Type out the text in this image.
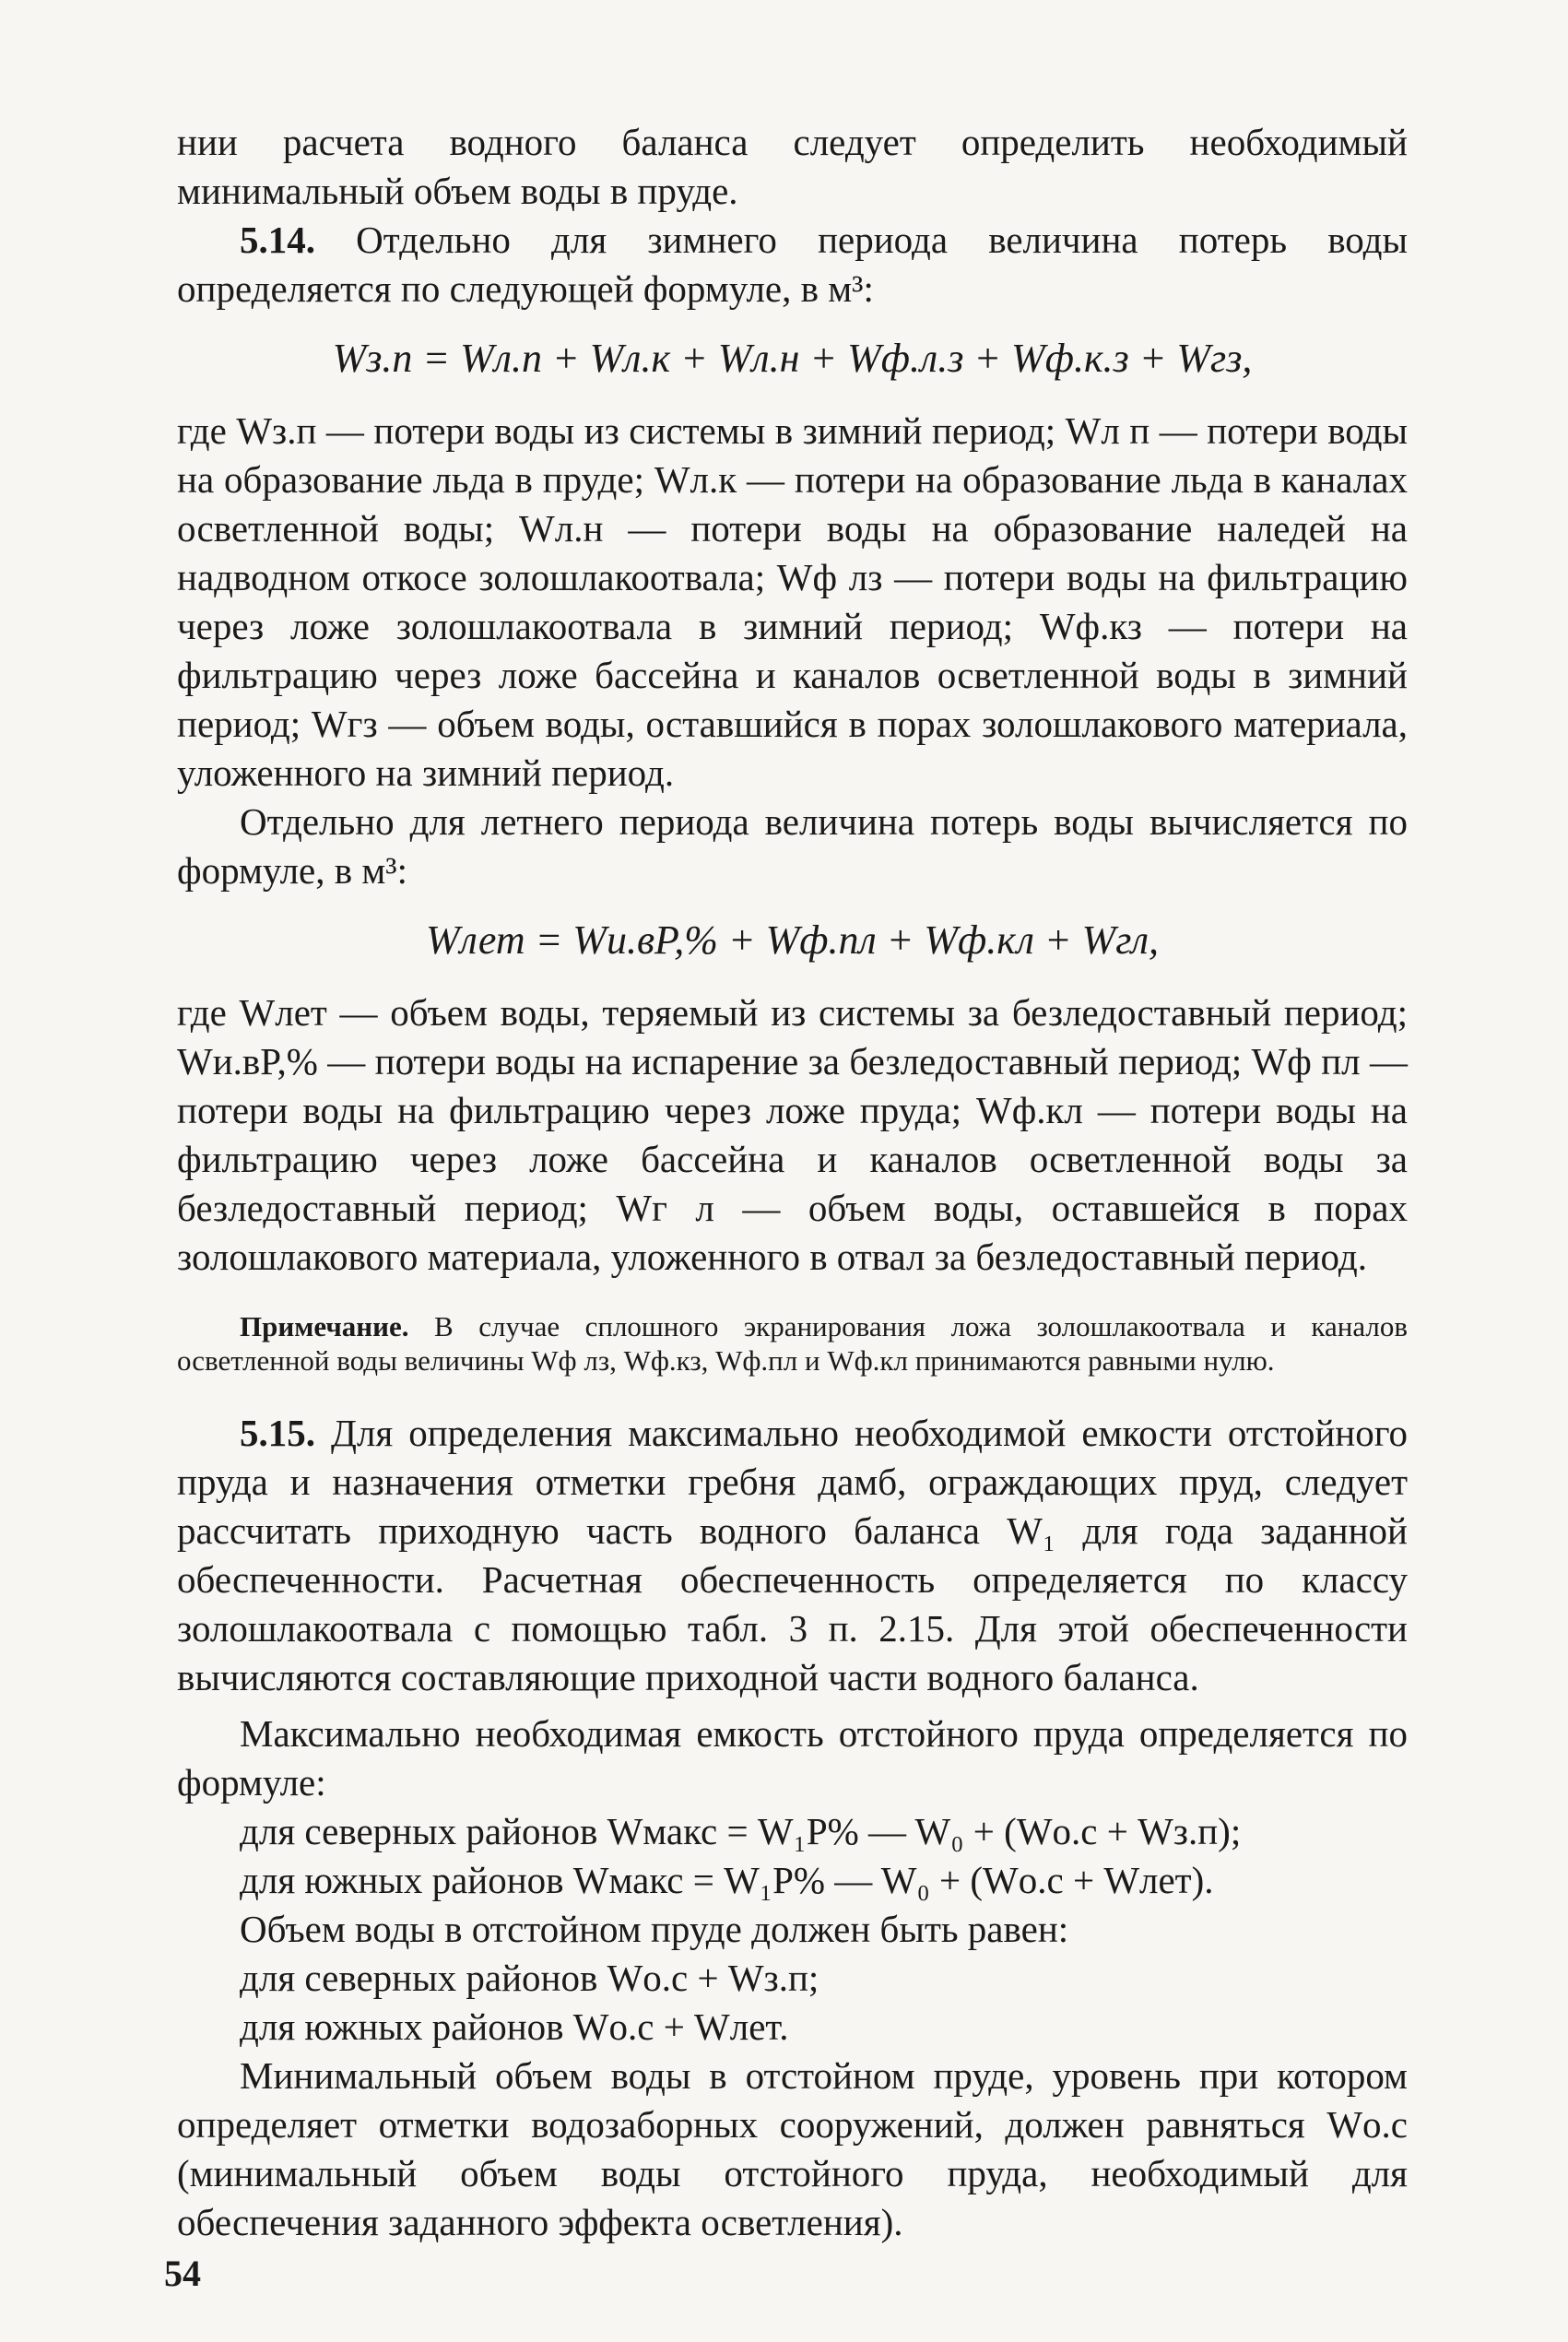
нии расчета водного баланса следует определить необходимый минимальный объем воды в пруде.

5.14. Отдельно для зимнего периода величина потерь воды определяется по следующей формуле, в м³:

Wз.п = Wл.п + Wл.к + Wл.н + Wф.л.з + Wф.к.з + Wгз,

где Wз.п — потери воды из системы в зимний период; Wл п — потери воды на образование льда в пруде; Wл.к — потери на образование льда в каналах осветленной воды; Wл.н — потери воды на образование наледей на надводном откосе золошлакоотвала; Wф лз — потери воды на фильтрацию через ложе золошлакоотвала в зимний период; Wф.кз — потери на фильтрацию через ложе бассейна и каналов осветленной воды в зимний период; Wгз — объем воды, оставшийся в порах золошлакового материала, уложенного на зимний период.

Отдельно для летнего периода величина потерь воды вычисляется по формуле, в м³:

Wлет = Wи.вP,% + Wф.пл + Wф.кл + Wгл,

где Wлет — объем воды, теряемый из системы за безледоставный период; Wи.вP,% — потери воды на испарение за безледоставный период; Wф пл — потери воды на фильтрацию через ложе пруда; Wф.кл — потери воды на фильтрацию через ложе бассейна и каналов осветленной воды за безледоставный период; Wг л — объем воды, оставшейся в порах золошлакового материала, уложенного в отвал за безледоставный период.

Примечание. В случае сплошного экранирования ложа золошлакоотвала и каналов осветленной воды величины Wф лз, Wф.кз, Wф.пл и Wф.кл принимаются равными нулю.

5.15. Для определения максимально необходимой емкости отстойного пруда и назначения отметки гребня дамб, ограждающих пруд, следует рассчитать приходную часть водного баланса W₁ для года заданной обеспеченности. Расчетная обеспеченность определяется по классу золошлакоотвала с помощью табл. 3 п. 2.15. Для этой обеспеченности вычисляются составляющие приходной части водного баланса.

Максимально необходимая емкость отстойного пруда определяется по формуле:

для северных районов Wмакс = W₁P% — W₀ + (Wо.с + Wз.п);

для южных районов Wмакс = W₁P% — W₀ + (Wо.с + Wлет).

Объем воды в отстойном пруде должен быть равен:

для северных районов Wо.с + Wз.п;

для южных районов Wо.с + Wлет.

Минимальный объем воды в отстойном пруде, уровень при котором определяет отметки водозаборных сооружений, должен равняться Wо.с (минимальный объем воды отстойного пруда, необходимый для обеспечения заданного эффекта осветления).

54
